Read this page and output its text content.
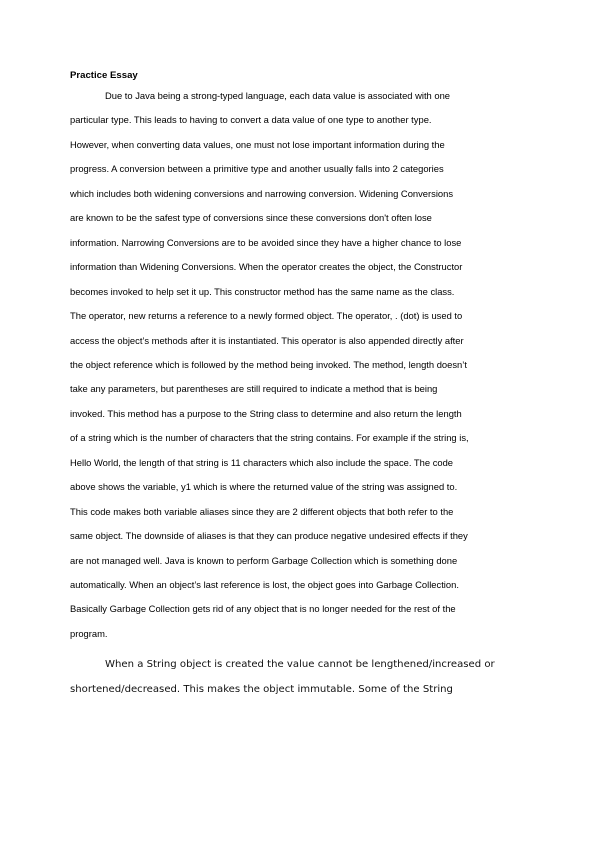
Practice Essay
Due to Java being a strong-typed language, each data value is associated with one
particular type. This leads to having to convert a data value of one type to another type.
However, when converting data values, one must not lose important information during the
progress. A conversion between a primitive type and another usually falls into 2 categories
which includes both widening conversions and narrowing conversion. Widening Conversions
are known to be the safest type of conversions since these conversions don't often lose
information. Narrowing Conversions are to be avoided since they have a higher chance to lose
information than Widening Conversions. When the operator creates the object, the Constructor
becomes invoked to help set it up. This constructor method has the same name as the class.
The operator, new returns a reference to a newly formed object. The operator, . (dot) is used to
access the object’s methods after it is instantiated. This operator is also appended directly after
the object reference which is followed by the method being invoked. The method, length doesn’t
take any parameters, but parentheses are still required to indicate a method that is being
invoked. This method has a purpose to the String class to determine and also return the length
of a string which is the number of characters that the string contains. For example if the string is,
Hello World, the length of that string is 11 characters which also include the space. The code
above shows the variable, y1 which is where the returned value of the string was assigned to.
This code makes both variable aliases since they are 2 different objects that both refer to the
same object. The downside of aliases is that they can produce negative undesired effects if they
are not managed well. Java is known to perform Garbage Collection which is something done
automatically. When an object’s last reference is lost, the object goes into Garbage Collection.
Basically Garbage Collection gets rid of any object that is no longer needed for the rest of the
program.
When a String object is created the value cannot be lengthened/increased or
shortened/decreased. This makes the object immutable. Some of the String
